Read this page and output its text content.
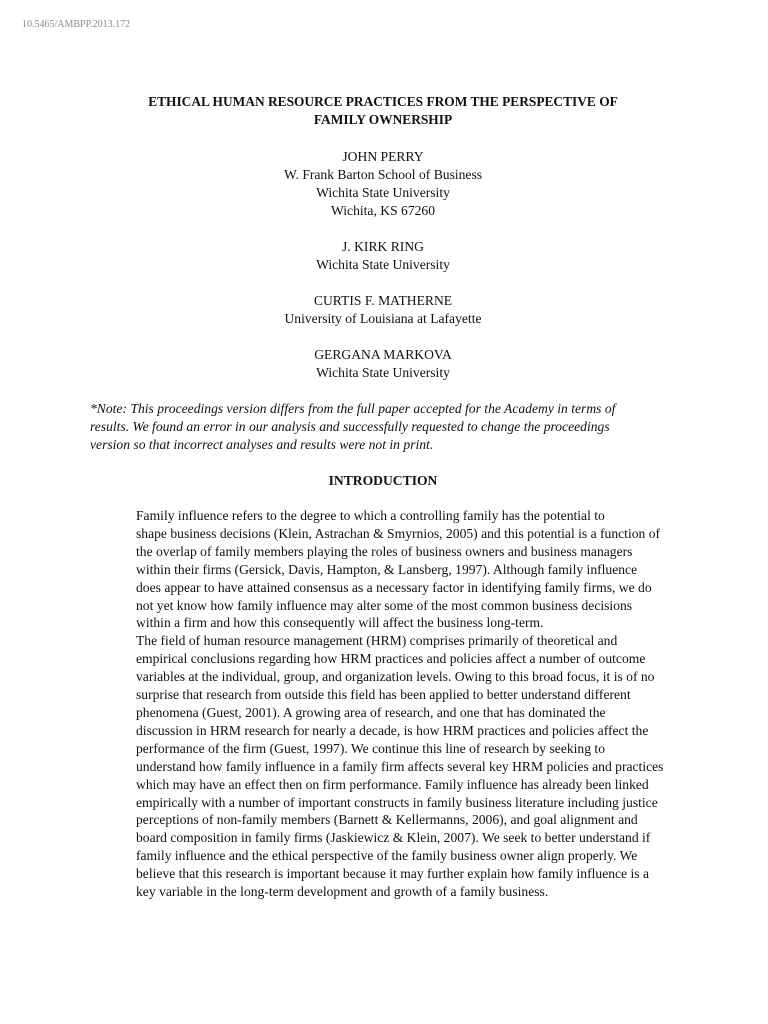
10.5465/AMBPP.2013.172
ETHICAL HUMAN RESOURCE PRACTICES FROM THE PERSPECTIVE OF
FAMILY OWNERSHIP
JOHN PERRY
W. Frank Barton School of Business
Wichita State University
Wichita, KS 67260
J. KIRK RING
Wichita State University
CURTIS F. MATHERNE
University of Louisiana at Lafayette
GERGANA MARKOVA
Wichita State University
*Note: This proceedings version differs from the full paper accepted for the Academy in terms of
results. We found an error in our analysis and successfully requested to change the proceedings
version so that incorrect analyses and results were not in print.
INTRODUCTION

Family influence refers to the degree to which a controlling family has the potential to
shape business decisions (Klein, Astrachan & Smyrnios, 2005) and this potential is a function of
the overlap of family members playing the roles of business owners and business managers
within their firms (Gersick, Davis, Hampton, & Lansberg, 1997). Although family influence
does appear to have attained consensus as a necessary factor in identifying family firms, we do
not yet know how family influence may alter some of the most common business decisions
within a firm and how this consequently will affect the business long-term.

The field of human resource management (HRM) comprises primarily of theoretical and
empirical conclusions regarding how HRM practices and policies affect a number of outcome
variables at the individual, group, and organization levels. Owing to this broad focus, it is of no
surprise that research from outside this field has been applied to better understand different
phenomena (Guest, 2001). A growing area of research, and one that has dominated the
discussion in HRM research for nearly a decade, is how HRM practices and policies affect the
performance of the firm (Guest, 1997). We continue this line of research by seeking to
understand how family influence in a family firm affects several key HRM policies and practices
which may have an effect then on firm performance. Family influence has already been linked
empirically with a number of important constructs in family business literature including justice
perceptions of non-family members (Barnett & Kellermanns, 2006), and goal alignment and
board composition in family firms (Jaskiewicz & Klein, 2007). We seek to better understand if
family influence and the ethical perspective of the family business owner align properly. We
believe that this research is important because it may further explain how family influence is a
key variable in the long-term development and growth of a family business.
